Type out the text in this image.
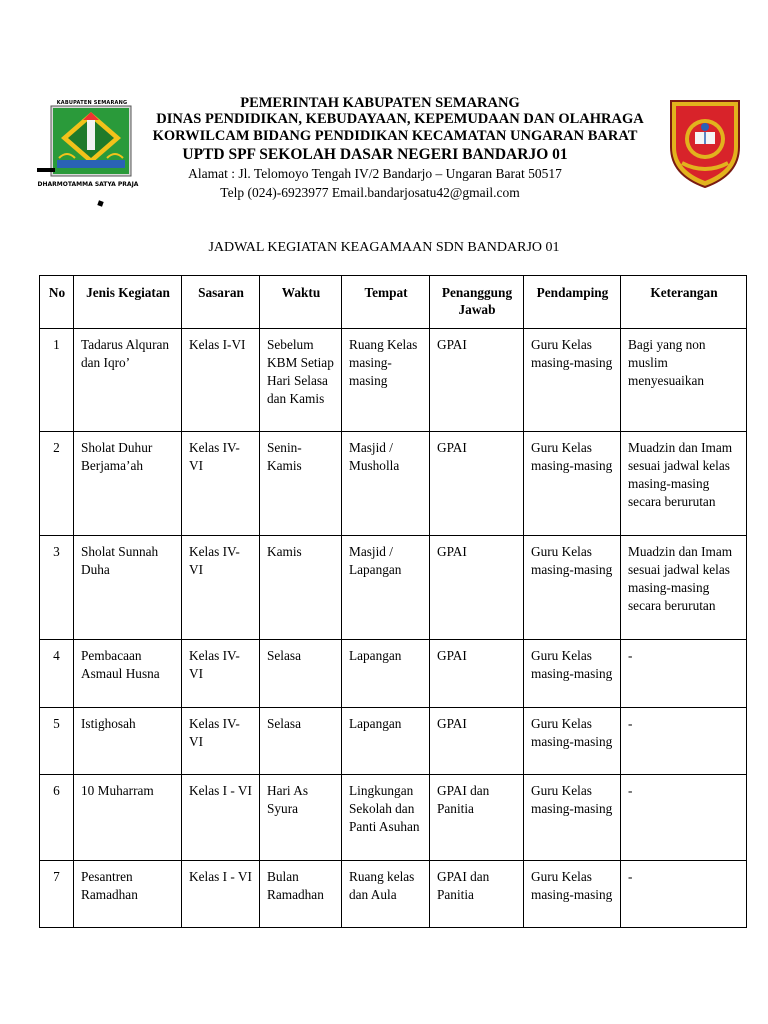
KABUPATEN SEMARANG
DHARMOTAMMA SATYA PRAJA
PEMERINTAH KABUPATEN SEMARANG
DINAS PENDIDIKAN, KEBUDAYAAN, KEPEMUDAAN DAN OLAHRAGA
KORWILCAM BIDANG PENDIDIKAN KECAMATAN UNGARAN BARAT
UPTD SPF SEKOLAH DASAR NEGERI BANDARJO 01
Alamat : Jl. Telomoyo Tengah IV/2 Bandarjo – Ungaran Barat 50517
Telp (024)-6923977 Email.bandarjosatu42@gmail.com
JADWAL KEGIATAN KEAGAMAAN SDN BANDARJO 01
No	Jenis Kegiatan	Sasaran	Waktu	Tempat	Penanggung Jawab	Pendamping	Keterangan
1	Tadarus Alquran dan Iqro’	Kelas I-VI	Sebelum KBM Setiap Hari Selasa dan Kamis	Ruang Kelas masing-masing	GPAI	Guru Kelas masing-masing	Bagi yang non muslim menyesuaikan
2	Sholat Duhur Berjama’ah	Kelas IV-VI	Senin-Kamis	Masjid / Musholla	GPAI	Guru Kelas masing-masing	Muadzin dan Imam sesuai jadwal kelas masing-masing secara berurutan
3	Sholat Sunnah Duha	Kelas IV-VI	Kamis	Masjid / Lapangan	GPAI	Guru Kelas masing-masing	Muadzin dan Imam sesuai jadwal kelas masing-masing secara berurutan
4	Pembacaan Asmaul Husna	Kelas IV-VI	Selasa	Lapangan	GPAI	Guru Kelas masing-masing	-
5	Istighosah	Kelas IV-VI	Selasa	Lapangan	GPAI	Guru Kelas masing-masing	-
6	10 Muharram	Kelas I - VI	Hari As Syura	Lingkungan Sekolah dan Panti Asuhan	GPAI dan Panitia	Guru Kelas masing-masing	-
7	Pesantren Ramadhan	Kelas I - VI	Bulan Ramadhan	Ruang kelas dan Aula	GPAI dan Panitia	Guru Kelas masing-masing	-
